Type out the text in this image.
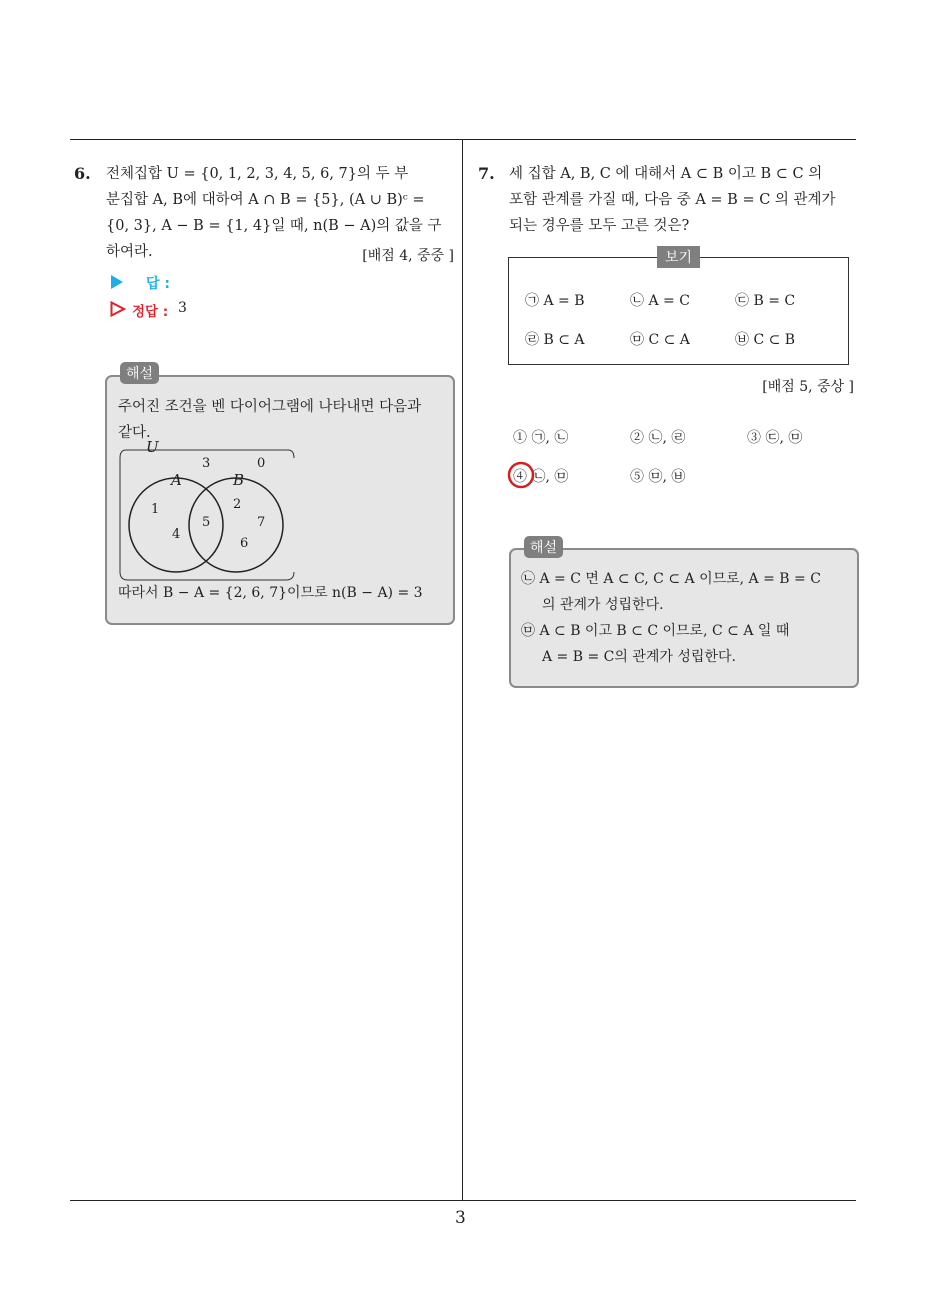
3
6. 전체집합 U = {0, 1, 2, 3, 4, 5, 6, 7}의 두 부
분집합 A, B에 대하여 A ∩ B = {5}, (A ∪ B)ᶜ =
{0, 3}, A − B = {1, 4}일 때, n(B − A)의 값을 구
하여라.	[배점 4, 중중 ]
답 :
정답 : 3
해설
주어진 조건을 벤 다이어그램에 나타내면 다음과
같다.
U
A	B
3	0
1
4
5
2
7
6
따라서 B − A = {2, 6, 7}이므로 n(B − A) = 3
7. 세 집합 A, B, C 에 대해서 A ⊂ B 이고 B ⊂ C 의
포함 관계를 가질 때, 다음 중 A = B = C 의 관계가
되는 경우를 모두 고른 것은?
보기
㉠ A = B	㉡ A = C	㉢ B = C
㉣ B ⊂ A	㉤ C ⊂ A	㉥ C ⊂ B
[배점 5, 중상 ]
① ㉠, ㉡	② ㉡, ㉣	③ ㉢, ㉤
④ ㉡, ㉤	⑤ ㉤, ㉥
해설
㉡ A = C 면 A ⊂ C, C ⊂ A 이므로, A = B = C
의 관계가 성립한다.
㉤ A ⊂ B 이고 B ⊂ C 이므로, C ⊂ A 일 때
A = B = C의 관계가 성립한다.
